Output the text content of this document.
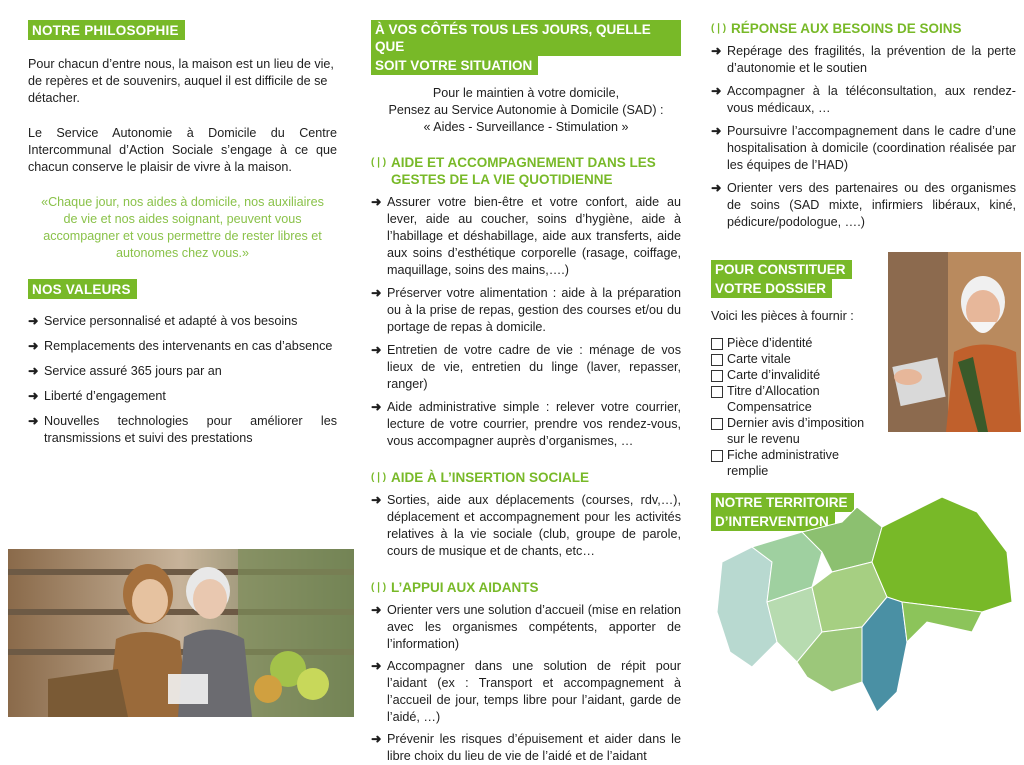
NOTRE PHILOSOPHIE

Pour chacun d’entre nous, la maison est un lieu de vie, de repères et de souvenirs, auquel il est difficile de se détacher.

Le Service Autonomie à Domicile du Centre Intercommunal d’Action Sociale s’engage à ce que chacun conserve le plaisir de vivre à la maison.

«Chaque jour, nos aides à domicile, nos auxiliaires de vie et nos aides soignant, peuvent vous accompagner et vous permettre de rester libres et autonomes chez vous.»

NOS VALEURS
➜ Service personnalisé et adapté à vos besoins
➜ Remplacements des intervenants en cas d’absence
➜ Service assuré 365 jours par an
➜ Liberté d’engagement
➜ Nouvelles technologies pour améliorer les transmissions et suivi des prestations
À VOS CÔTÉS TOUS LES JOURS, QUELLE QUE
SOIT VOTRE SITUATION
Pour le maintien à votre domicile,
Pensez au Service Autonomie à Domicile (SAD) :
« Aides - Surveillance - Stimulation »
(❘) AIDE ET ACCOMPAGNEMENT DANS LES GESTES DE LA VIE QUOTIDIENNE
➜ Assurer votre bien-être et votre confort, aide au lever, aide au coucher, soins d’hygiène, aide à l’habillage et déshabillage, aide aux transferts, aide aux soins d’esthétique corporelle (rasage, coiffage, maquillage, soins des mains,….)
➜ Préserver votre alimentation : aide à la préparation ou à la prise de repas, gestion des courses et/ou du portage de repas à domicile.
➜ Entretien de votre cadre de vie : ménage de vos lieux de vie, entretien du linge (laver, repasser, ranger)
➜ Aide administrative simple : relever votre courrier, lecture de votre courrier, prendre vos rendez-vous, vous accompagner auprès d’organismes, …
(❘) AIDE À L’INSERTION SOCIALE
➜ Sorties, aide aux déplacements (courses, rdv,…), déplacement et accompagnement pour les activités relatives à la vie sociale (club, groupe de parole, cours de musique et de chants, etc…
(❘) L’APPUI AUX AIDANTS
➜ Orienter vers une solution d’accueil (mise en relation avec les organismes compétents, apporter de l’information)
➜ Accompagner dans une solution de répit pour l’aidant (ex : Transport et accompagnement à l’accueil de jour, temps libre pour l’aidant, garde de l’aidé, …)
➜ Prévenir les risques d’épuisement et aider dans le libre choix du lieu de vie de l’aidé et de l’aidant
(❘) RÉPONSE AUX BESOINS DE SOINS
➜ Repérage des fragilités, la prévention de la perte d’autonomie et le soutien
➜ Accompagner à la téléconsultation, aux rendez-vous médicaux, …
➜ Poursuivre l’accompagnement dans le cadre d’une hospitalisation à domicile (coordination réalisée par les équipes de l’HAD)
➜ Orienter vers des partenaires ou des organismes de soins (SAD mixte, infirmiers libéraux, kiné, pédicure/podologue, ….)
POUR CONSTITUER
VOTRE DOSSIER
Voici les pièces à fournir :
Pièce d’identité
Carte vitale
Carte d’invalidité
Titre d’Allocation Compensatrice
Dernier avis d’imposition sur le revenu
Fiche administrative remplie
NOTRE TERRITOIRE
D’INTERVENTION
